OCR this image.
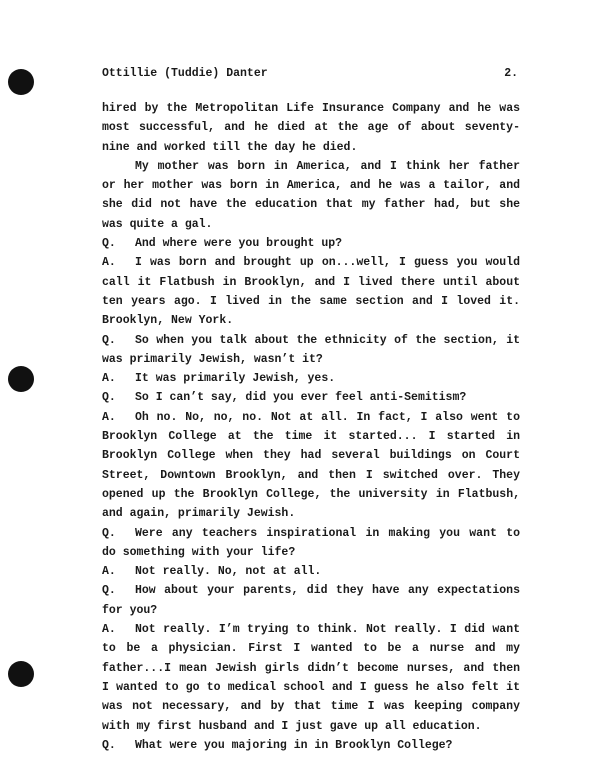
Ottillie (Tuddie) Danter	2.

hired by the Metropolitan Life Insurance Company and he was most successful, and he died at the age of about seventy-nine and worked till the day he died.

My mother was born in America, and I think her father or her mother was born in America, and he was a tailor, and she did not have the education that my father had, but she was quite a gal.

Q. And where were you brought up?

A. I was born and brought up on...well, I guess you would call it Flatbush in Brooklyn, and I lived there until about ten years ago. I lived in the same section and I loved it. Brooklyn, New York.

Q. So when you talk about the ethnicity of the section, it was primarily Jewish, wasn’t it?

A. It was primarily Jewish, yes.

Q. So I can’t say, did you ever feel anti-Semitism?

A. Oh no. No, no, no. Not at all. In fact, I also went to Brooklyn College at the time it started... I started in Brooklyn College when they had several buildings on Court Street, Downtown Brooklyn, and then I switched over. They opened up the Brooklyn College, the university in Flatbush, and again, primarily Jewish.

Q. Were any teachers inspirational in making you want to do something with your life?

A. Not really. No, not at all.

Q. How about your parents, did they have any expectations for you?

A. Not really. I’m trying to think. Not really. I did want to be a physician. First I wanted to be a nurse and my father...I mean Jewish girls didn’t become nurses, and then I wanted to go to medical school and I guess he also felt it was not necessary, and by that time I was keeping company with my first husband and I just gave up all education.

Q. What were you majoring in in Brooklyn College?
